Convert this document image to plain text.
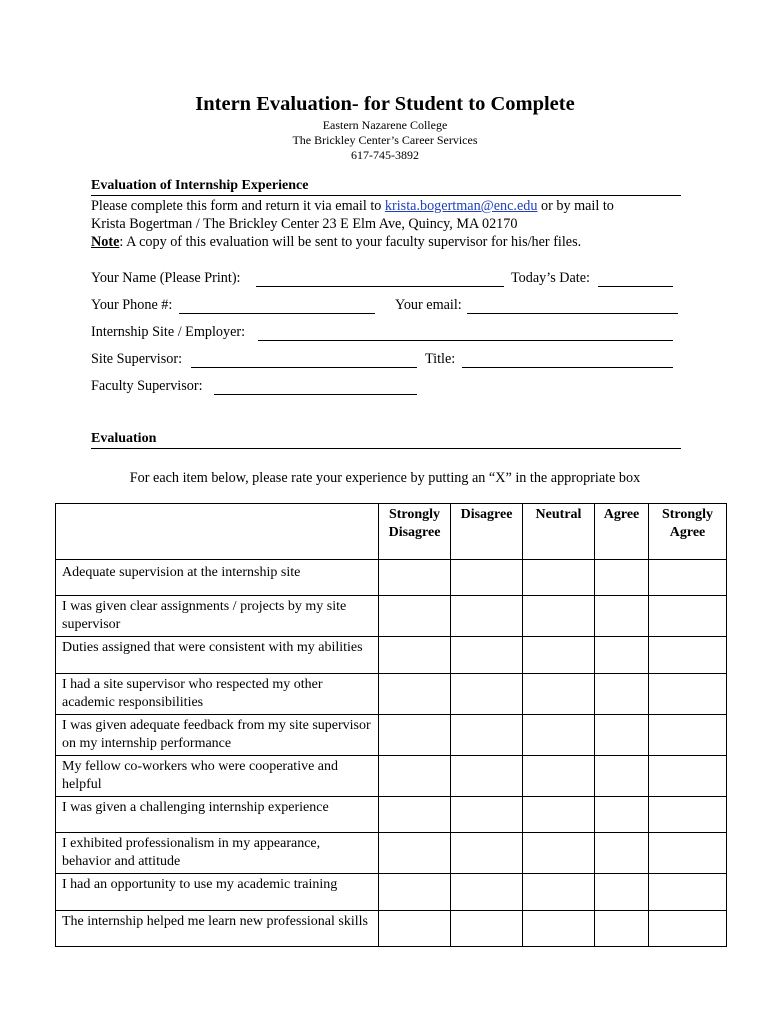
Intern Evaluation- for Student to Complete
Eastern Nazarene College
The Brickley Center’s Career Services
617-745-3892
Evaluation of Internship Experience
Please complete this form and return it via email to krista.bogertman@enc.edu or by mail to
Krista Bogertman / The Brickley Center 23 E Elm Ave, Quincy, MA 02170
Note: A copy of this evaluation will be sent to your faculty supervisor for his/her files.
Your Name (Please Print):	Today’s Date:
Your Phone #:	Your email:
Internship Site / Employer:
Site Supervisor:	Title:
Faculty Supervisor:
Evaluation
For each item below, please rate your experience by putting an “X” in the appropriate box
	Strongly Disagree	Disagree	Neutral	Agree	Strongly Agree
Adequate supervision at the internship site					
I was given clear assignments / projects by my site supervisor					
Duties assigned that were consistent with my abilities					
I had a site supervisor who respected my other academic responsibilities					
I was given adequate feedback from my site supervisor on my internship performance					
My fellow co-workers who were cooperative and helpful					
I was given a challenging internship experience					
I exhibited professionalism in my appearance, behavior and attitude					
I had an opportunity to use my academic training					
The internship helped me learn new professional skills					
